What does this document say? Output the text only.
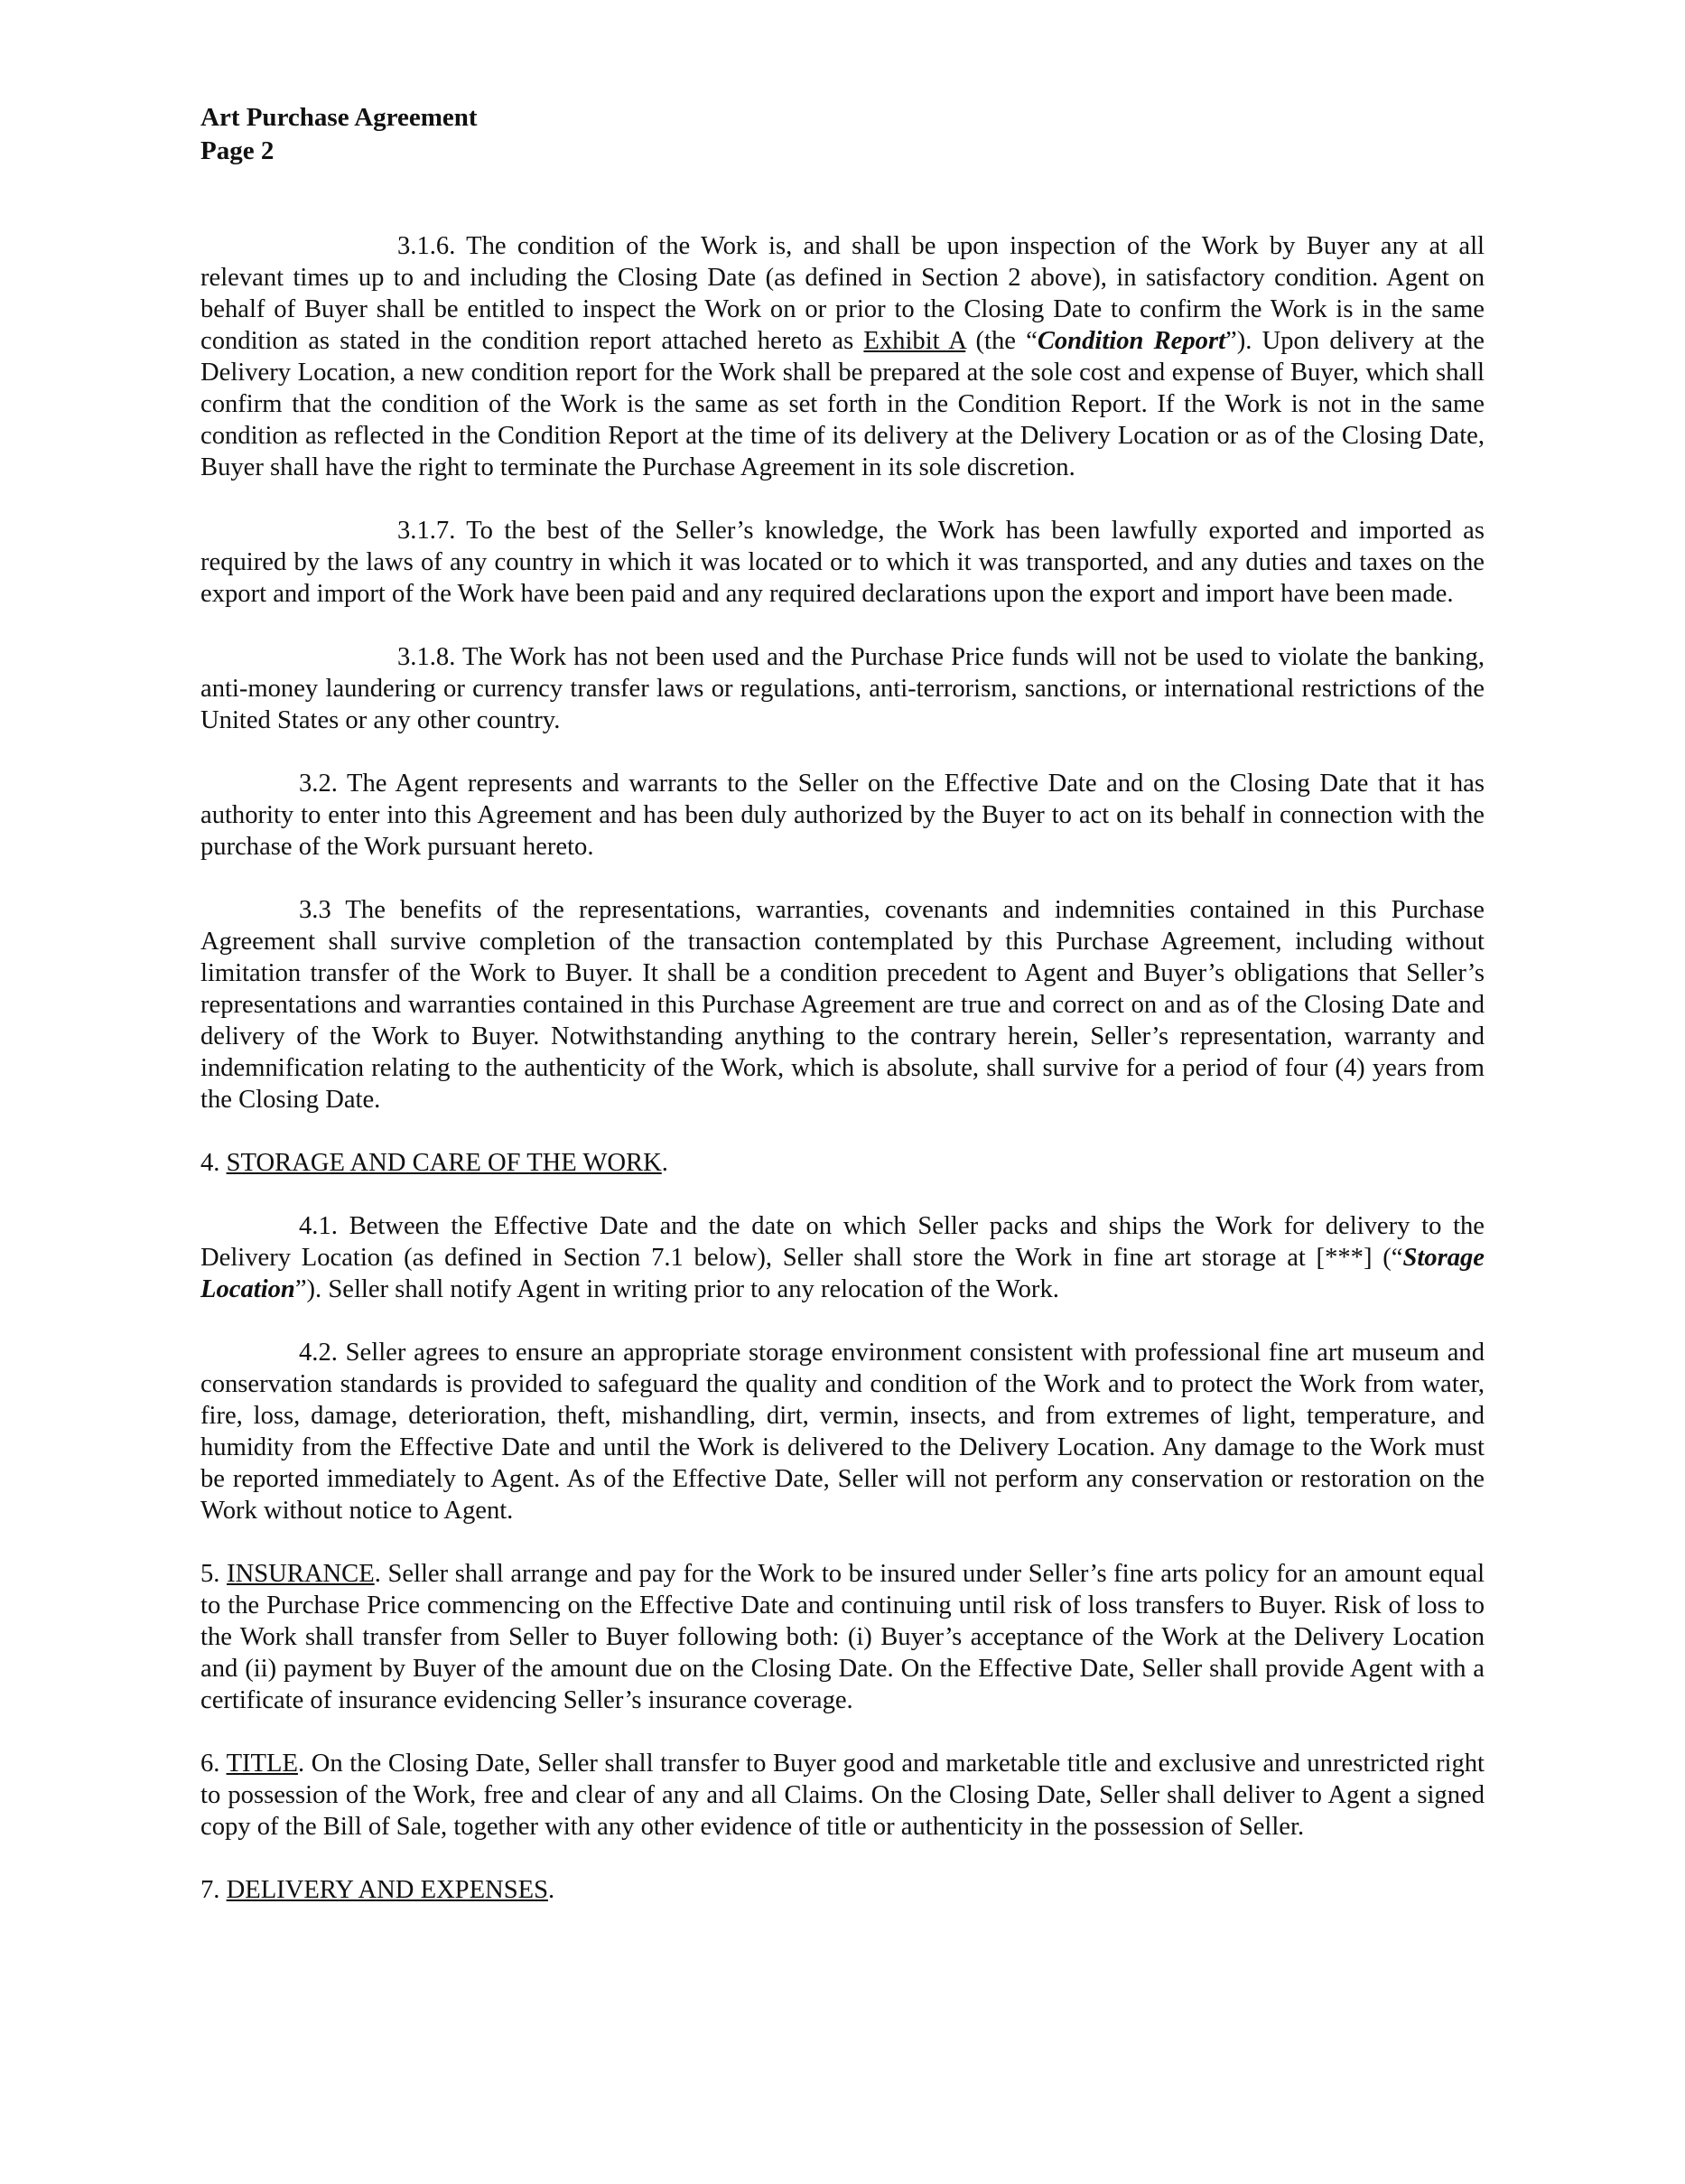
Art Purchase Agreement
Page 2

3.1.6. The condition of the Work is, and shall be upon inspection of the Work by Buyer any at all relevant times up to and including the Closing Date (as defined in Section 2 above), in satisfactory condition. Agent on behalf of Buyer shall be entitled to inspect the Work on or prior to the Closing Date to confirm the Work is in the same condition as stated in the condition report attached hereto as Exhibit A (the “Condition Report”). Upon delivery at the Delivery Location, a new condition report for the Work shall be prepared at the sole cost and expense of Buyer, which shall confirm that the condition of the Work is the same as set forth in the Condition Report. If the Work is not in the same condition as reflected in the Condition Report at the time of its delivery at the Delivery Location or as of the Closing Date, Buyer shall have the right to terminate the Purchase Agreement in its sole discretion.

3.1.7. To the best of the Seller’s knowledge, the Work has been lawfully exported and imported as required by the laws of any country in which it was located or to which it was transported, and any duties and taxes on the export and import of the Work have been paid and any required declarations upon the export and import have been made.

3.1.8. The Work has not been used and the Purchase Price funds will not be used to violate the banking, anti-money laundering or currency transfer laws or regulations, anti-terrorism, sanctions, or international restrictions of the United States or any other country.

3.2. The Agent represents and warrants to the Seller on the Effective Date and on the Closing Date that it has authority to enter into this Agreement and has been duly authorized by the Buyer to act on its behalf in connection with the purchase of the Work pursuant hereto.

3.3 The benefits of the representations, warranties, covenants and indemnities contained in this Purchase Agreement shall survive completion of the transaction contemplated by this Purchase Agreement, including without limitation transfer of the Work to Buyer. It shall be a condition precedent to Agent and Buyer’s obligations that Seller’s representations and warranties contained in this Purchase Agreement are true and correct on and as of the Closing Date and delivery of the Work to Buyer. Notwithstanding anything to the contrary herein, Seller’s representation, warranty and indemnification relating to the authenticity of the Work, which is absolute, shall survive for a period of four (4) years from the Closing Date.

4. STORAGE AND CARE OF THE WORK.

4.1. Between the Effective Date and the date on which Seller packs and ships the Work for delivery to the Delivery Location (as defined in Section 7.1 below), Seller shall store the Work in fine art storage at [***] (“Storage Location”). Seller shall notify Agent in writing prior to any relocation of the Work.

4.2. Seller agrees to ensure an appropriate storage environment consistent with professional fine art museum and conservation standards is provided to safeguard the quality and condition of the Work and to protect the Work from water, fire, loss, damage, deterioration, theft, mishandling, dirt, vermin, insects, and from extremes of light, temperature, and humidity from the Effective Date and until the Work is delivered to the Delivery Location. Any damage to the Work must be reported immediately to Agent. As of the Effective Date, Seller will not perform any conservation or restoration on the Work without notice to Agent.

5. INSURANCE. Seller shall arrange and pay for the Work to be insured under Seller’s fine arts policy for an amount equal to the Purchase Price commencing on the Effective Date and continuing until risk of loss transfers to Buyer. Risk of loss to the Work shall transfer from Seller to Buyer following both: (i) Buyer’s acceptance of the Work at the Delivery Location and (ii) payment by Buyer of the amount due on the Closing Date. On the Effective Date, Seller shall provide Agent with a certificate of insurance evidencing Seller’s insurance coverage.

6. TITLE. On the Closing Date, Seller shall transfer to Buyer good and marketable title and exclusive and unrestricted right to possession of the Work, free and clear of any and all Claims. On the Closing Date, Seller shall deliver to Agent a signed copy of the Bill of Sale, together with any other evidence of title or authenticity in the possession of Seller.

7. DELIVERY AND EXPENSES.
